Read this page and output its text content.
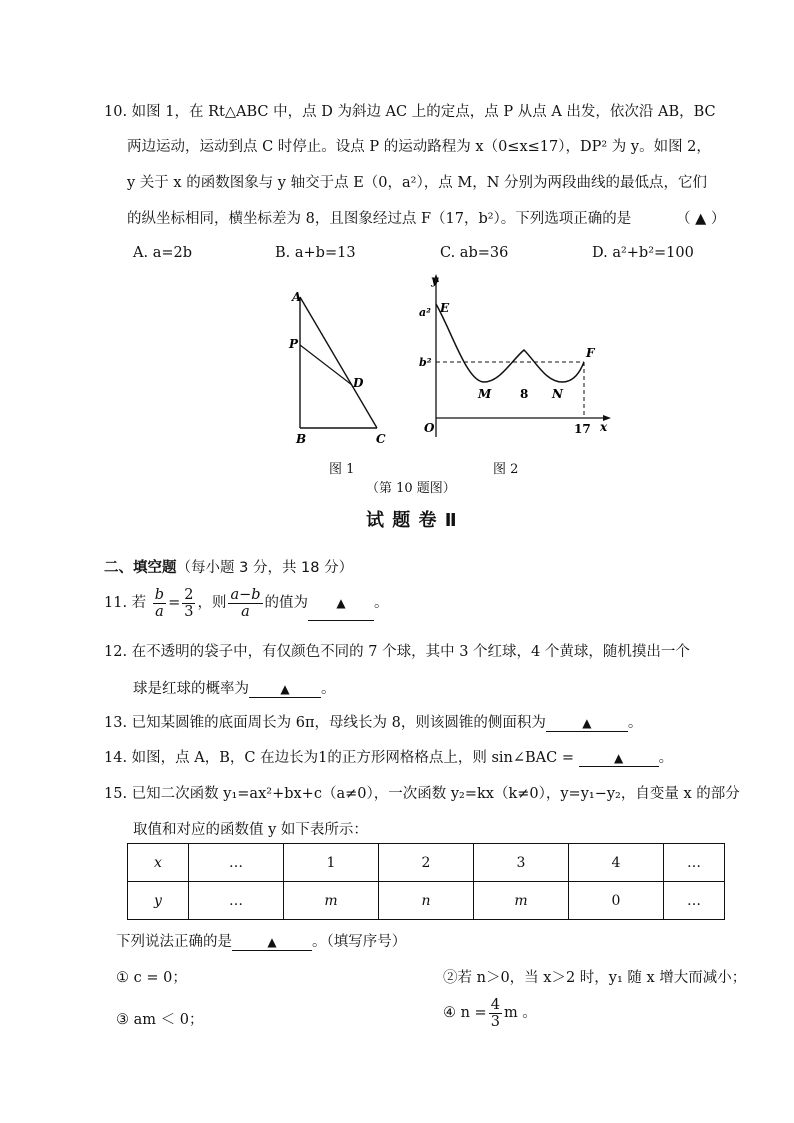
10. 如图 1，在 Rt△ABC 中，点 D 为斜边 AC 上的定点，点 P 从点 A 出发，依次沿 AB，BC
两边运动，运动到点 C 时停止。设点 P 的运动路程为 x（0≤x≤17），DP² 为 y。如图 2，
y 关于 x 的函数图象与 y 轴交于点 E（0，a²），点 M，N 分别为两段曲线的最低点，它们
的纵坐标相同，横坐标差为 8，且图象经过点 F（17，b²）。下列选项正确的是	（ ▲ ）
A. a=2b	B. a+b=13	C. ab=36	D. a²+b²=100
A
P
D
B	C
图 1
y
x
E
a²
b²
F
M 8 N
O	17
图 2
（第 10 题图）
试 题 卷 Ⅱ
二、填空题（每小题 3 分，共 18 分）
11. 若 $\frac{b}{a} = \frac{2}{3}$ ，则 $\frac{a-b}{a}$ 的值为 ▲ 。
12. 在不透明的袋子中，有仅颜色不同的 7 个球，其中 3 个红球，4 个黄球，随机摸出一个
球是红球的概率为	▲ 。
13. 已知某圆锥的底面周长为 6π，母线长为 8，则该圆锥的侧面积为	▲	。
14. 如图，点 A，B，C 在边长为1的正方形网格格点上，则 sin∠BAC =	▲ 。
15. 已知二次函数 y₁=ax²+bx+c（a≠0），一次函数 y₂=kx（k≠0），y=y₁−y₂，自变量 x 的部分
取值和对应的函数值 y 如下表所示：
x	…	1	2	3	4	…
y	…	m	n	m	0	…
下列说法正确的是	▲ 。（填写序号）
① c = 0；	②若 n＞0，当 x＞2 时，y₁ 随 x 增大而减小；
③ am ＜ 0；	④ $n = \frac{4}{3}$ m 。
